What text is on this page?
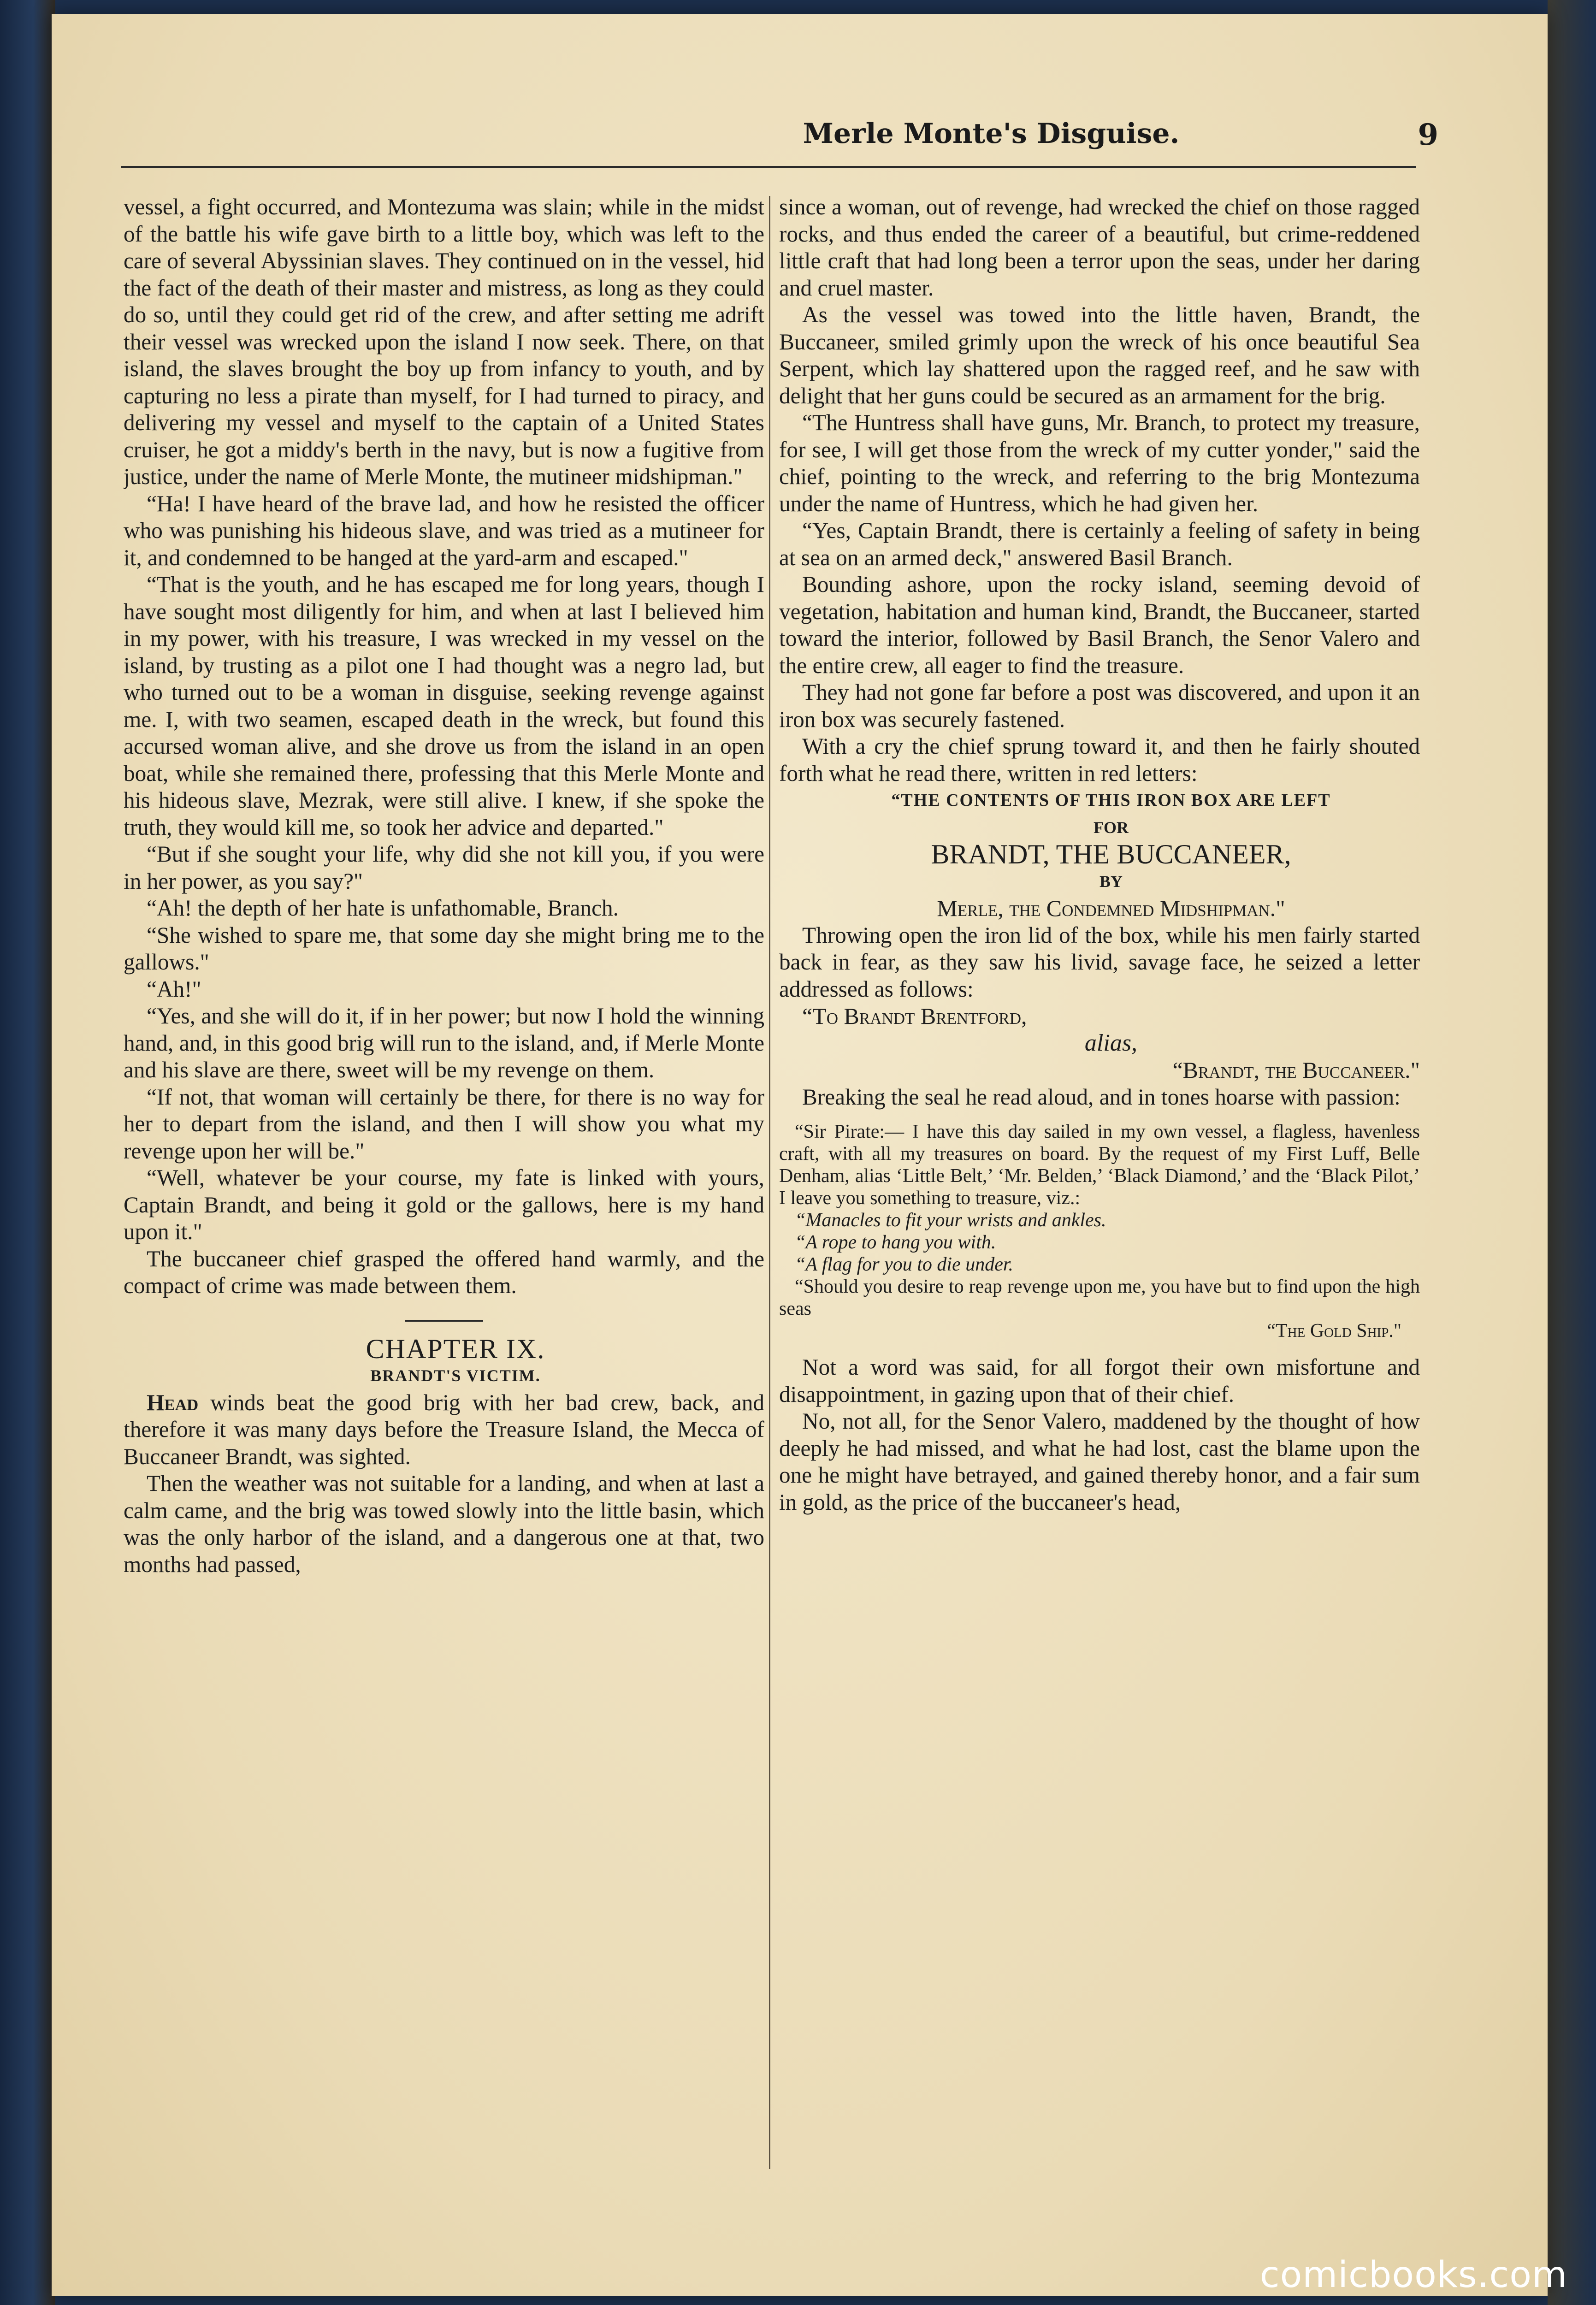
Merle Monte's Disguise.	9

vessel, a fight occurred, and Montezuma was slain; while in the midst of the battle his wife gave birth to a little boy, which was left to the care of several Abyssinian slaves. They continued on in the vessel, hid the fact of the death of their master and mistress, as long as they could do so, until they could get rid of the crew, and after setting me adrift their vessel was wrecked upon the island I now seek. There, on that island, the slaves brought the boy up from infancy to youth, and by capturing no less a pirate than myself, for I had turned to piracy, and delivering my vessel and myself to the captain of a United States cruiser, he got a middy's berth in the navy, but is now a fugitive from justice, under the name of Merle Monte, the mutineer midshipman."

“Ha! I have heard of the brave lad, and how he resisted the officer who was punishing his hideous slave, and was tried as a mutineer for it, and condemned to be hanged at the yard-arm and escaped."

“That is the youth, and he has escaped me for long years, though I have sought most diligently for him, and when at last I believed him in my power, with his treasure, I was wrecked in my vessel on the island, by trusting as a pilot one I had thought was a negro lad, but who turned out to be a woman in disguise, seeking revenge against me. I, with two seamen, escaped death in the wreck, but found this accursed woman alive, and she drove us from the island in an open boat, while she remained there, professing that this Merle Monte and his hideous slave, Mezrak, were still alive. I knew, if she spoke the truth, they would kill me, so took her advice and departed."

“But if she sought your life, why did she not kill you, if you were in her power, as you say?"

“Ah! the depth of her hate is unfathomable, Branch.

“She wished to spare me, that some day she might bring me to the gallows."

“Ah!"

“Yes, and she will do it, if in her power; but now I hold the winning hand, and, in this good brig will run to the island, and, if Merle Monte and his slave are there, sweet will be my revenge on them.

“If not, that woman will certainly be there, for there is no way for her to depart from the island, and then I will show you what my revenge upon her will be."

“Well, whatever be your course, my fate is linked with yours, Captain Brandt, and being it gold or the gallows, here is my hand upon it."

The buccaneer chief grasped the offered hand warmly, and the compact of crime was made between them.

CHAPTER IX.

BRANDT'S VICTIM.

Head winds beat the good brig with her bad crew, back, and therefore it was many days before the Treasure Island, the Mecca of Buccaneer Brandt, was sighted.

Then the weather was not suitable for a landing, and when at last a calm came, and the brig was towed slowly into the little basin, which was the only harbor of the island, and a dangerous one at that, two months had passed,

since a woman, out of revenge, had wrecked the chief on those ragged rocks, and thus ended the career of a beautiful, but crime-reddened little craft that had long been a terror upon the seas, under her daring and cruel master.

As the vessel was towed into the little haven, Brandt, the Buccaneer, smiled grimly upon the wreck of his once beautiful Sea Serpent, which lay shattered upon the ragged reef, and he saw with delight that her guns could be secured as an armament for the brig.

“The Huntress shall have guns, Mr. Branch, to protect my treasure, for see, I will get those from the wreck of my cutter yonder," said the chief, pointing to the wreck, and referring to the brig Montezuma under the name of Huntress, which he had given her.

“Yes, Captain Brandt, there is certainly a feeling of safety in being at sea on an armed deck," answered Basil Branch.

Bounding ashore, upon the rocky island, seeming devoid of vegetation, habitation and human kind, Brandt, the Buccaneer, started toward the interior, followed by Basil Branch, the Senor Valero and the entire crew, all eager to find the treasure.

They had not gone far before a post was discovered, and upon it an iron box was securely fastened.

With a cry the chief sprung toward it, and then he fairly shouted forth what he read there, written in red letters:

“THE CONTENTS OF THIS IRON BOX ARE LEFT

FOR

BRANDT, THE BUCCANEER,

BY

Merle, the Condemned Midshipman."

Throwing open the iron lid of the box, while his men fairly started back in fear, as they saw his livid, savage face, he seized a letter addressed as follows:

“To Brandt Brentford,

alias,

“Brandt, the Buccaneer."

Breaking the seal he read aloud, and in tones hoarse with passion:

“Sir Pirate:— I have this day sailed in my own vessel, a flagless, havenless craft, with all my treasures on board. By the request of my First Luff, Belle Denham, alias ‘Little Belt,’ ‘Mr. Belden,’ ‘Black Diamond,’ and the ‘Black Pilot,’ I leave you something to treasure, viz.:

“Manacles to fit your wrists and ankles.

“A rope to hang you with.

“A flag for you to die under.

“Should you desire to reap revenge upon me, you have but to find upon the high seas

“The Gold Ship."

Not a word was said, for all forgot their own misfortune and disappointment, in gazing upon that of their chief.

No, not all, for the Senor Valero, maddened by the thought of how deeply he had missed, and what he had lost, cast the blame upon the one he might have betrayed, and gained thereby honor, and a fair sum in gold, as the price of the buccaneer's head,

comicbooks.com
